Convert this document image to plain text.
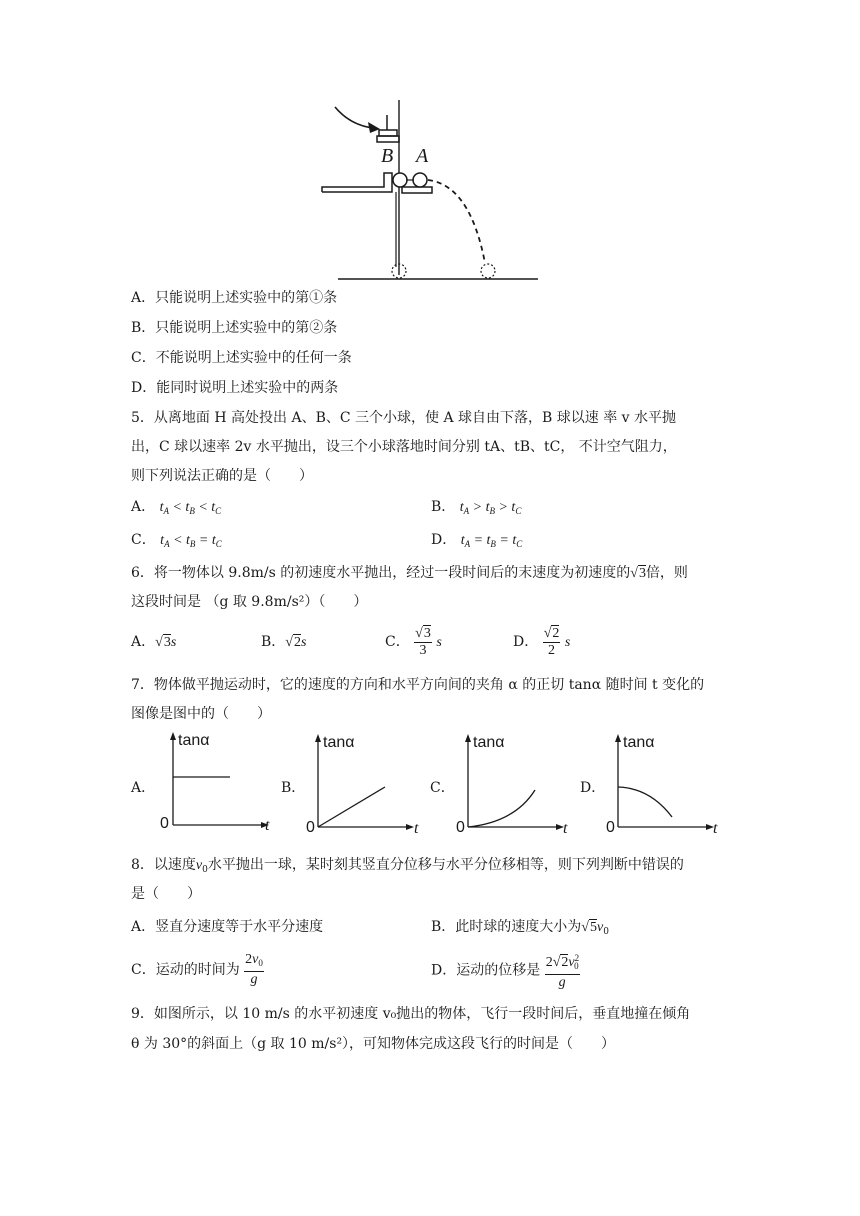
B A
A．只能说明上述实验中的第①条
B．只能说明上述实验中的第②条
C．不能说明上述实验中的任何一条
D．能同时说明上述实验中的两条
5．从离地面 H 高处投出 A、B、C 三个小球，使 A 球自由下落，B 球以速 率 v 水平抛
出，C 球以速率 2v 水平抛出，设三个小球落地时间分别 tA、tB、tC， 不计空气阻力，
则下列说法正确的是（　　）
A． $t_A < t_B < t_C$	B． $t_A > t_B > t_C$
C． $t_A < t_B = t_C$	D． $t_A = t_B = t_C$
6．将一物体以 9.8m/s 的初速度水平抛出，经过一段时间后的末速度为初速度的√3倍，则
这段时间是 （g 取 9.8m/s²）（　　）
A．√3s	B．√2s	C． $\frac{√3}{3}$ s	D． $\frac{√2}{2}$ s
7．物体做平抛运动时，它的速度的方向和水平方向间的夹角 α 的正切 tanα 随时间 t 变化的
图像是图中的（　　）
A．	B．	C．	D．
tanα
t
0
tanα
t
0
tanα
t
0
tanα
t
0
8．以速度$v_0$水平抛出一球，某时刻其竖直分位移与水平分位移相等，则下列判断中错误的
是（　　）
A．竖直分速度等于水平分速度	B．此时球的速度大小为$√5v_0$
C．运动的时间为 $\frac{2v_0}{g}$	D．运动的位移是 $\frac{2√2v^2_0}{g}$
9．如图所示，以 10 m/s 的水平初速度 v₀抛出的物体，飞行一段时间后，垂直地撞在倾角
θ 为 30°的斜面上（g 取 10 m/s²），可知物体完成这段飞行的时间是（　　）
